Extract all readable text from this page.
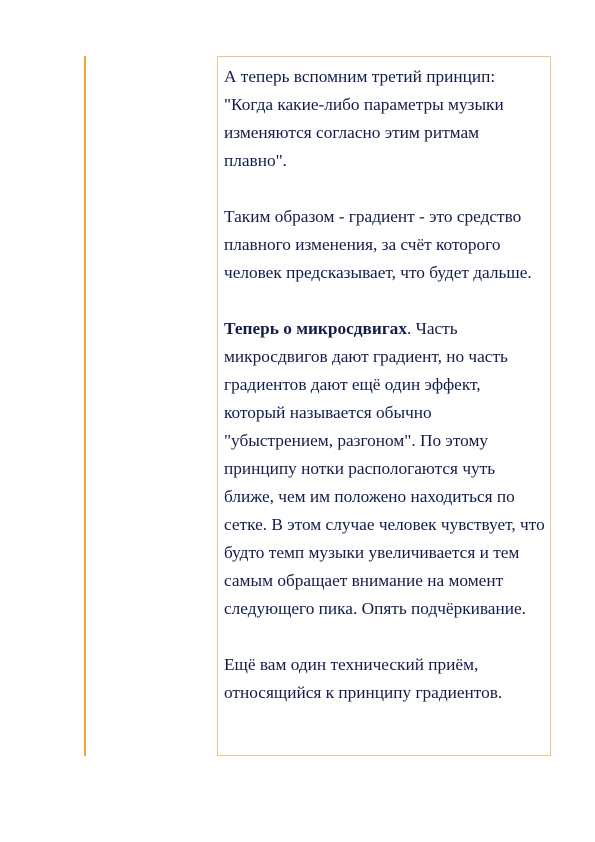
А теперь вспомним третий принцип: "Когда какие-либо параметры музыки изменяются согласно этим ритмам плавно".

Таким образом - градиент - это средство плавного изменения, за счёт которого человек предсказывает, что будет дальше.

Теперь о микросдвигах. Часть микросдвигов дают градиент, но часть градиентов дают ещё один эффект, который называется обычно "убыстрением, разгоном". По этому принципу нотки распологаются чуть ближе, чем им положено находиться по сетке. В этом случае человек чувствует, что будто темп музыки увеличивается и тем самым обращает внимание на момент следующего пика. Опять подчёркивание.

Ещё вам один технический приём, относящийся к принципу градиентов.
